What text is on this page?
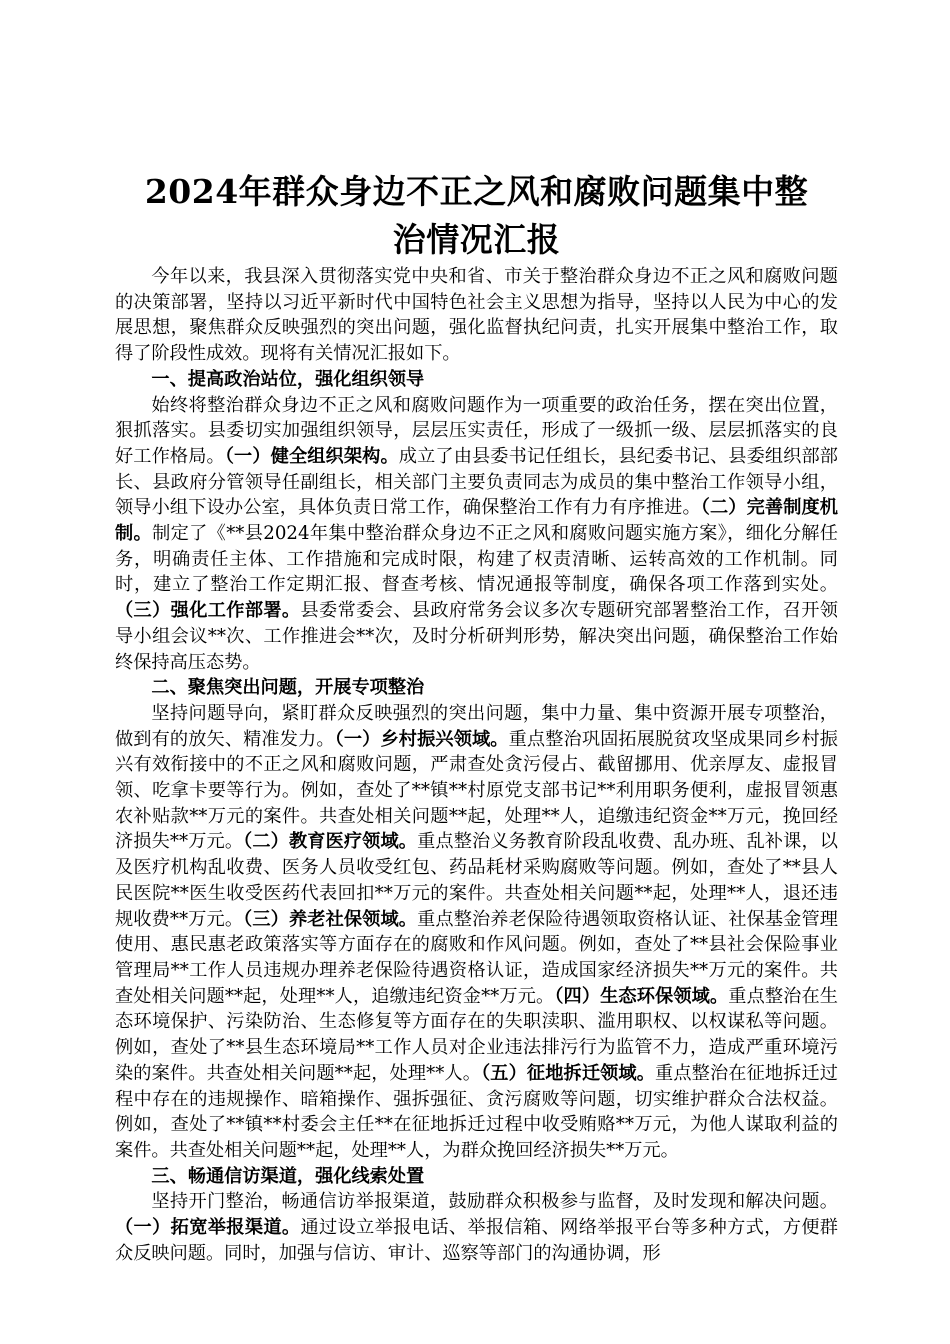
2024年群众身边不正之风和腐败问题集中整
治情况汇报

今年以来，我县深入贯彻落实党中央和省、市关于整治群众身边不正之风和腐败问题的决策部署，坚持以习近平新时代中国特色社会主义思想为指导，坚持以人民为中心的发展思想，聚焦群众反映强烈的突出问题，强化监督执纪问责，扎实开展集中整治工作，取得了阶段性成效。现将有关情况汇报如下。

一、提高政治站位，强化组织领导

始终将整治群众身边不正之风和腐败问题作为一项重要的政治任务，摆在突出位置，狠抓落实。县委切实加强组织领导，层层压实责任，形成了一级抓一级、层层抓落实的良好工作格局。（一）健全组织架构。成立了由县委书记任组长，县纪委书记、县委组织部部长、县政府分管领导任副组长，相关部门主要负责同志为成员的集中整治工作领导小组，领导小组下设办公室，具体负责日常工作，确保整治工作有力有序推进。（二）完善制度机制。制定了《**县2024年集中整治群众身边不正之风和腐败问题实施方案》，细化分解任务，明确责任主体、工作措施和完成时限，构建了权责清晰、运转高效的工作机制。同时，建立了整治工作定期汇报、督查考核、情况通报等制度，确保各项工作落到实处。（三）强化工作部署。县委常委会、县政府常务会议多次专题研究部署整治工作，召开领导小组会议**次、工作推进会**次，及时分析研判形势，解决突出问题，确保整治工作始终保持高压态势。

二、聚焦突出问题，开展专项整治

坚持问题导向，紧盯群众反映强烈的突出问题，集中力量、集中资源开展专项整治，做到有的放矢、精准发力。（一）乡村振兴领域。重点整治巩固拓展脱贫攻坚成果同乡村振兴有效衔接中的不正之风和腐败问题，严肃查处贪污侵占、截留挪用、优亲厚友、虚报冒领、吃拿卡要等行为。例如，查处了**镇**村原党支部书记**利用职务便利，虚报冒领惠农补贴款**万元的案件。共查处相关问题**起，处理**人，追缴违纪资金**万元，挽回经济损失**万元。（二）教育医疗领域。重点整治义务教育阶段乱收费、乱办班、乱补课，以及医疗机构乱收费、医务人员收受红包、药品耗材采购腐败等问题。例如，查处了**县人民医院**医生收受医药代表回扣**万元的案件。共查处相关问题**起，处理**人，退还违规收费**万元。（三）养老社保领域。重点整治养老保险待遇领取资格认证、社保基金管理使用、惠民惠老政策落实等方面存在的腐败和作风问题。例如，查处了**县社会保险事业管理局**工作人员违规办理养老保险待遇资格认证，造成国家经济损失**万元的案件。共查处相关问题**起，处理**人，追缴违纪资金**万元。（四）生态环保领域。重点整治在生态环境保护、污染防治、生态修复等方面存在的失职渎职、滥用职权、以权谋私等问题。例如，查处了**县生态环境局**工作人员对企业违法排污行为监管不力，造成严重环境污染的案件。共查处相关问题**起，处理**人。（五）征地拆迁领域。重点整治在征地拆迁过程中存在的违规操作、暗箱操作、强拆强征、贪污腐败等问题，切实维护群众合法权益。例如，查处了**镇**村委会主任**在征地拆迁过程中收受贿赂**万元，为他人谋取利益的案件。共查处相关问题**起，处理**人，为群众挽回经济损失**万元。

三、畅通信访渠道，强化线索处置

坚持开门整治，畅通信访举报渠道，鼓励群众积极参与监督，及时发现和解决问题。（一）拓宽举报渠道。通过设立举报电话、举报信箱、网络举报平台等多种方式，方便群众反映问题。同时，加强与信访、审计、巡察等部门的沟通协调，形
